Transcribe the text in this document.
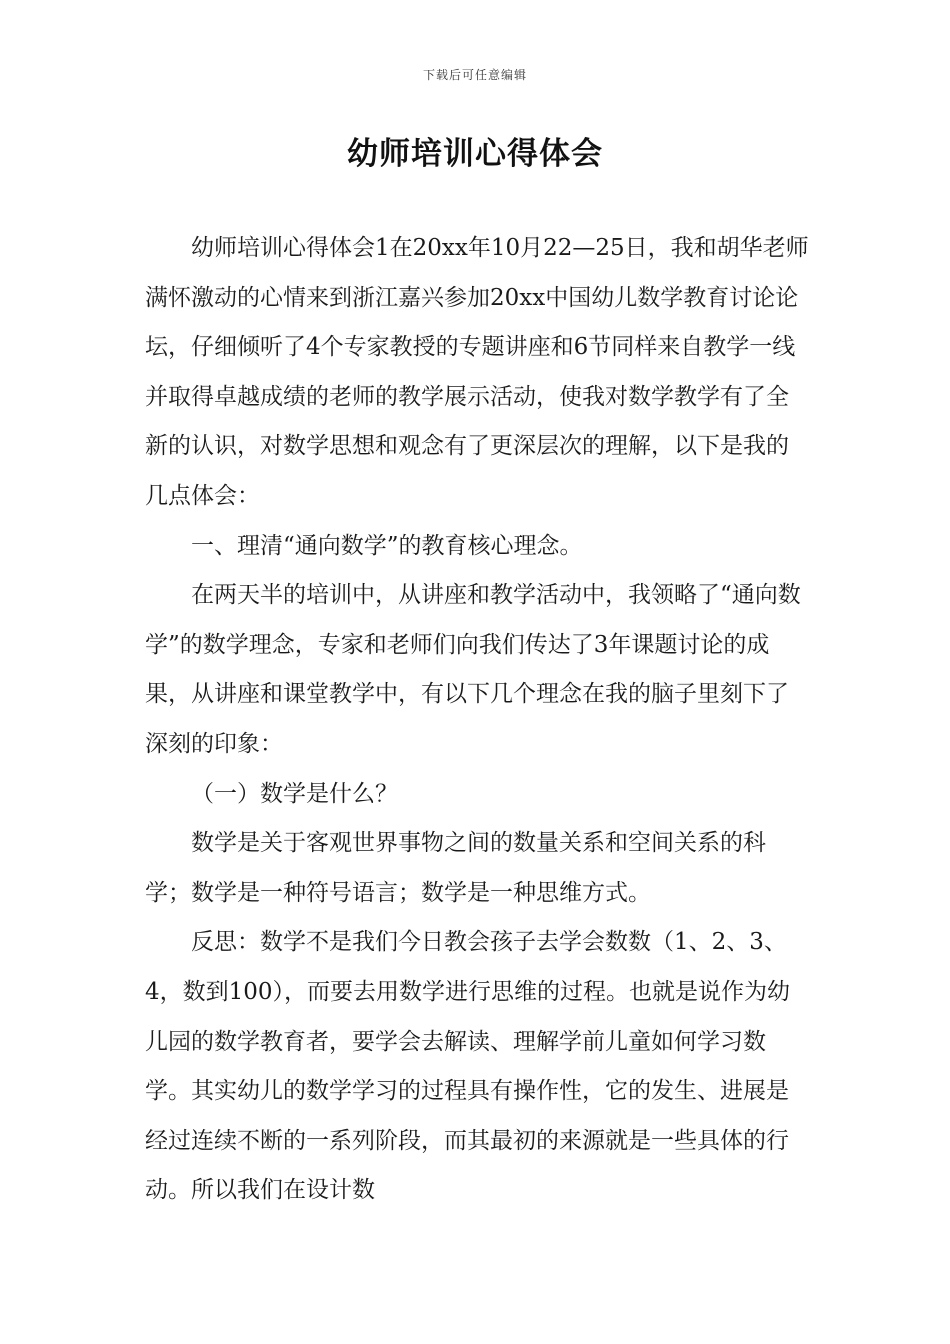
下载后可任意编辑
幼师培训心得体会

幼师培训心得体会1在20xx年10月22—25日，我和胡华老师满怀激动的心情来到浙江嘉兴参加20xx中国幼儿数学教育讨论论坛，仔细倾听了4个专家教授的专题讲座和6节同样来自教学一线并取得卓越成绩的老师的教学展示活动，使我对数学教学有了全新的认识，对数学思想和观念有了更深层次的理解，以下是我的几点体会：

一、理清“通向数学”的教育核心理念。

在两天半的培训中，从讲座和教学活动中，我领略了“通向数学”的数学理念，专家和老师们向我们传达了3年课题讨论的成果，从讲座和课堂教学中，有以下几个理念在我的脑子里刻下了深刻的印象：

（一）数学是什么？

数学是关于客观世界事物之间的数量关系和空间关系的科学；数学是一种符号语言；数学是一种思维方式。

反思：数学不是我们今日教会孩子去学会数数（1、2、3、4，数到100），而要去用数学进行思维的过程。也就是说作为幼儿园的数学教育者，要学会去解读、理解学前儿童如何学习数学。其实幼儿的数学学习的过程具有操作性，它的发生、进展是经过连续不断的一系列阶段，而其最初的来源就是一些具体的行动。所以我们在设计数
